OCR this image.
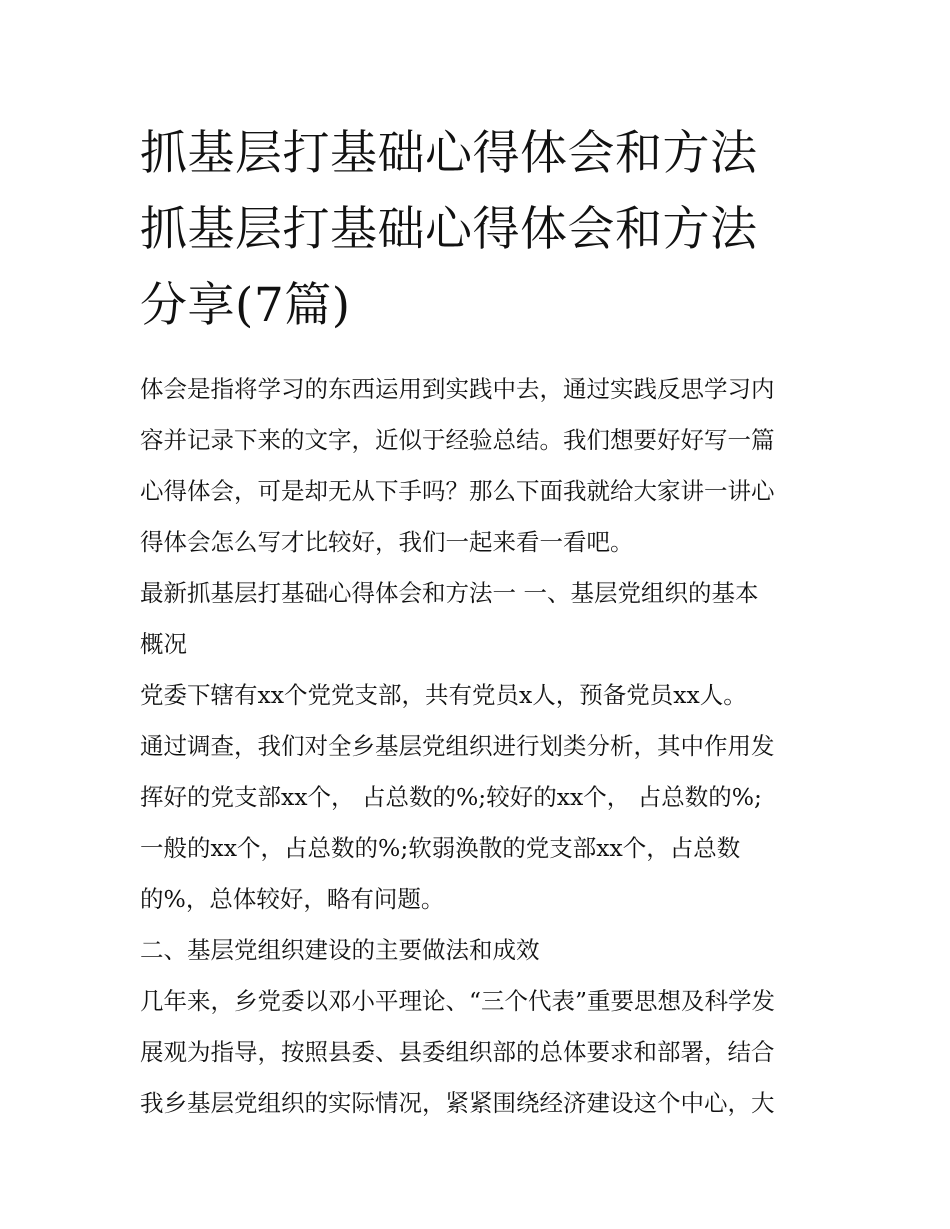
抓基层打基础心得体会和方法
抓基层打基础心得体会和方法
分享(7篇)

体会是指将学习的东西运用到实践中去，通过实践反思学习内
容并记录下来的文字，近似于经验总结。我们想要好好写一篇
心得体会，可是却无从下手吗？那么下面我就给大家讲一讲心
得体会怎么写才比较好，我们一起来看一看吧。

最新抓基层打基础心得体会和方法一 一、基层党组织的基本
概况

党委下辖有xx个党党支部，共有党员x人，预备党员xx人。
通过调查，我们对全乡基层党组织进行划类分析，其中作用发
挥好的党支部xx个， 占总数的%;较好的xx个， 占总数的%;
一般的xx个，占总数的%;软弱涣散的党支部xx个，占总数
的%，总体较好，略有问题。

二、基层党组织建设的主要做法和成效

几年来，乡党委以邓小平理论、“三个代表”重要思想及科学发
展观为指导，按照县委、县委组织部的总体要求和部署，结合
我乡基层党组织的实际情况，紧紧围绕经济建设这个中心，大
